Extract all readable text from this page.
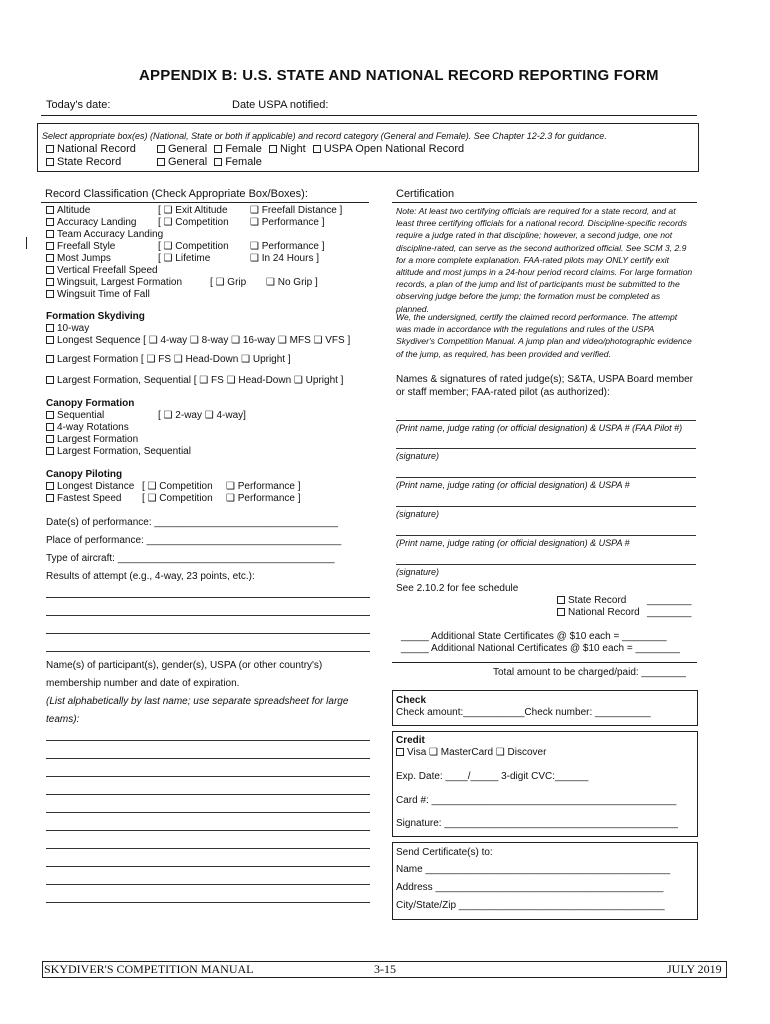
APPENDIX B: U.S. STATE AND NATIONAL RECORD REPORTING FORM
Today's date:	Date USPA notified:
Select appropriate box(es) (National, State or both if applicable) and record category (General and Female). See Chapter 12-2.3 for guidance.
National Record	General Female Night USPA Open National Record
State Record	General Female
Record Classification (Check Appropriate Box/Boxes):
Altitude	[ ❑ Exit Altitude ❑ Freefall Distance ]
Accuracy Landing [ ❑ Competition ❑ Performance ]
Team Accuracy Landing
Freefall Style	[ ❑ Competition ❑ Performance ]
Most Jumps	[ ❑ Lifetime	❑ In 24 Hours ]
Vertical Freefall Speed
Wingsuit, Largest Formation	[ ❑ Grip ❑ No Grip ]
Wingsuit Time of Fall
Formation Skydiving
10-way
Longest Sequence [ ❑ 4-way ❑ 8-way ❑ 16-way ❑ MFS ❑ VFS ]
Largest Formation [ ❑ FS ❑ Head-Down ❑ Upright ]
Largest Formation, Sequential [ ❑ FS ❑ Head-Down ❑ Upright ]
Canopy Formation
Sequential	[ ❑ 2-way ❑ 4-way]
4-way Rotations
Largest Formation
Largest Formation, Sequential
Canopy Piloting
Longest Distance [ ❑ Competition ❑ Performance ]
Fastest Speed [ ❑ Competition ❑ Performance ]
Date(s) of performance: _________________________________
Place of performance: ___________________________________
Type of aircraft: _______________________________________
Results of attempt (e.g., 4-way, 23 points, etc.):
Name(s) of participant(s), gender(s), USPA (or other country's)
membership number and date of expiration.
(List alphabetically by last name; use separate spreadsheet for large
teams):
Certification
Note: At least two certifying officials are required for a state record, and at least three certifying officials for a national record. Discipline-specific records require a judge rated in that discipline; however, a second judge, one not discipline-rated, can serve as the second authorized official. See SCM 3, 2.9 for a more complete explanation. FAA-rated pilots may ONLY certify exit altitude and most jumps in a 24-hour period record claims. For large formation records, a plan of the jump and list of participants must be submitted to the observing judge before the jump; the formation must be completed as planned.
We, the undersigned, certify the claimed record performance. The attempt was made in accordance with the regulations and rules of the USPA Skydiver's Competition Manual. A jump plan and video/photographic evidence of the jump, as required, has been provided and verified.
Names & signatures of rated judge(s); S&TA, USPA Board member or staff member; FAA-rated pilot (as authorized):
(Print name, judge rating (or official designation) & USPA # (FAA Pilot #)
(signature)
(Print name, judge rating (or official designation) & USPA #
(signature)
(Print name, judge rating (or official designation) & USPA #
(signature)
See 2.10.2 for fee schedule
State Record ________
National Record ________
_____ Additional State Certificates @ $10 each = ________
_____ Additional National Certificates @ $10 each = ________
Total amount to be charged/paid: ________
Check
Check amount:___________Check number: __________
Credit
Visa ❑ MasterCard ❑ Discover
Exp. Date: ____/_____ 3-digit CVC:______
Card #: ____________________________________________
Signature: __________________________________________
Send Certificate(s) to:
Name ____________________________________________
Address _________________________________________
City/State/Zip _____________________________________
SKYDIVER'S COMPETITION MANUAL	3-15	JULY 2019
